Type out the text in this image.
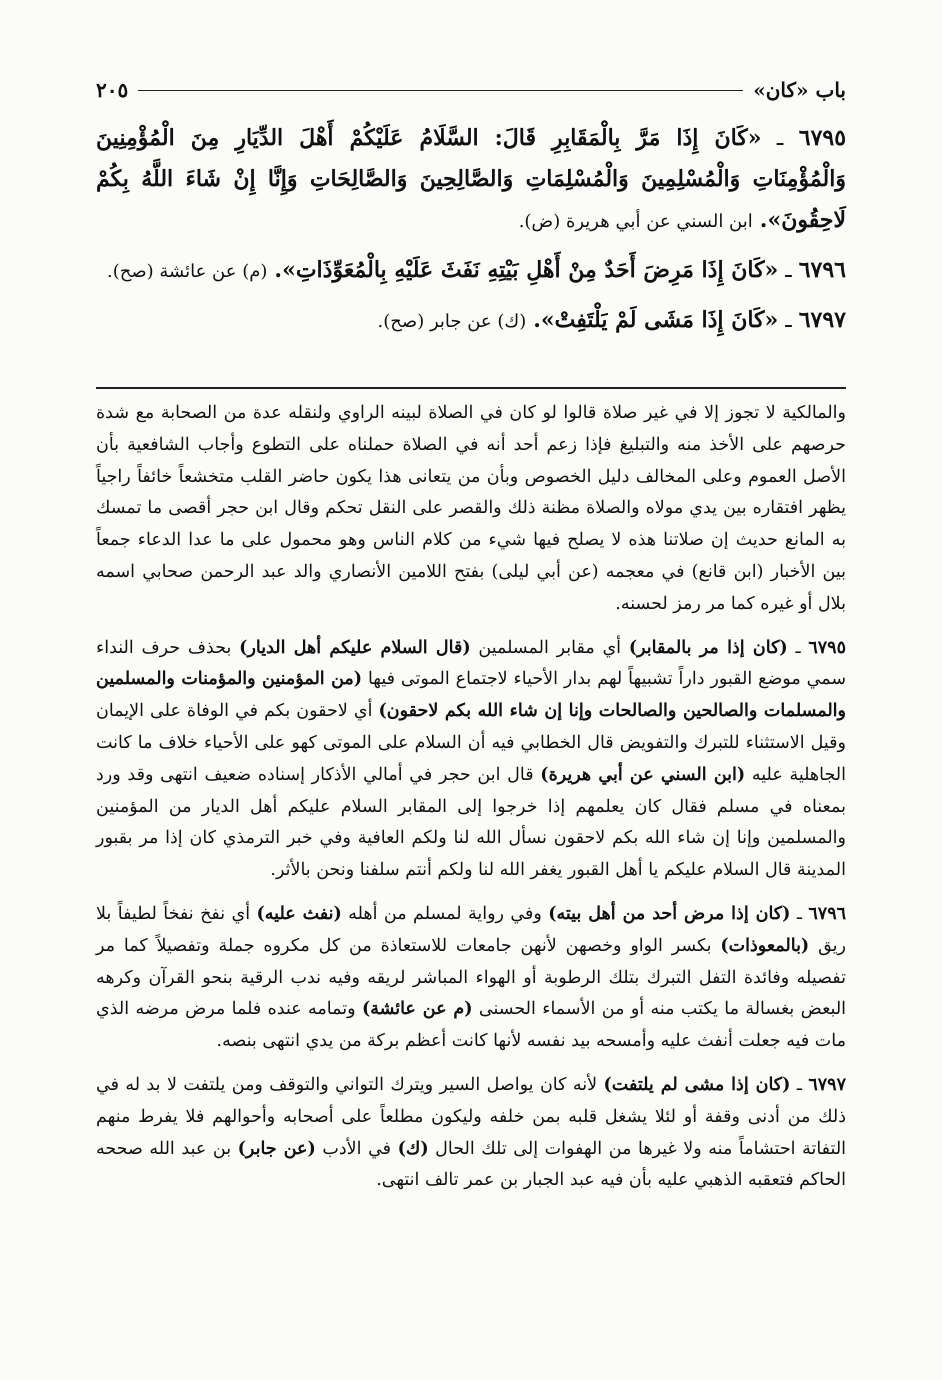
باب «كان»
٢٠٥

٦٧٩٥ ـ «كَانَ إِذَا مَرَّ بِالْمَقَابِرِ قَالَ: السَّلَامُ عَلَيْكُمْ أَهْلَ الدِّيَارِ مِنَ الْمُؤْمِنِينَ وَالْمُؤْمِنَاتِ وَالْمُسْلِمِينَ وَالْمُسْلِمَاتِ وَالصَّالِحِينَ وَالصَّالِحَاتِ وَإِنَّا إِنْ شَاءَ اللَّهُ بِكُمْ لَاحِقُونَ». ابن السني عن أبي هريرة (ض).

٦٧٩٦ ـ «كَانَ إِذَا مَرِضَ أَحَدٌ مِنْ أَهْلِ بَيْتِهِ نَفَثَ عَلَيْهِ بِالْمُعَوِّذَاتِ». (م) عن عائشة (صح).

٦٧٩٧ ـ «كَانَ إِذَا مَشَى لَمْ يَلْتَفِتْ». (ك) عن جابر (صح).

والمالكية لا تجوز إلا في غير صلاة قالوا لو كان في الصلاة لبينه الراوي ولنقله عدة من الصحابة مع شدة حرصهم على الأخذ منه والتبليغ فإذا زعم أحد أنه في الصلاة حملناه على التطوع وأجاب الشافعية بأن الأصل العموم وعلى المخالف دليل الخصوص وبأن من يتعانى هذا يكون حاضر القلب متخشعاً خائفاً راجياً يظهر افتقاره بين يدي مولاه والصلاة مظنة ذلك والقصر على النقل تحكم وقال ابن حجر أقصى ما تمسك به المانع حديث إن صلاتنا هذه لا يصلح فيها شيء من كلام الناس وهو محمول على ما عدا الدعاء جمعاً بين الأخبار (ابن قانع) في معجمه (عن أبي ليلى) بفتح اللامين الأنصاري والد عبد الرحمن صحابي اسمه بلال أو غيره كما مر رمز لحسنه.

٦٧٩٥ ـ (كان إذا مر بالمقابر) أي مقابر المسلمين (قال السلام عليكم أهل الديار) بحذف حرف النداء سمي موضع القبور داراً تشبيهاً لهم بدار الأحياء لاجتماع الموتى فيها (من المؤمنين والمؤمنات والمسلمين والمسلمات والصالحين والصالحات وإنا إن شاء الله بكم لاحقون) أي لاحقون بكم في الوفاة على الإيمان وقيل الاستثناء للتبرك والتفويض قال الخطابي فيه أن السلام على الموتى كهو على الأحياء خلاف ما كانت الجاهلية عليه (ابن السني عن أبي هريرة) قال ابن حجر في أمالي الأذكار إسناده ضعيف انتهى وقد ورد بمعناه في مسلم فقال كان يعلمهم إذا خرجوا إلى المقابر السلام عليكم أهل الديار من المؤمنين والمسلمين وإنا إن شاء الله بكم لاحقون نسأل الله لنا ولكم العافية وفي خبر الترمذي كان إذا مر بقبور المدينة قال السلام عليكم يا أهل القبور يغفر الله لنا ولكم أنتم سلفنا ونحن بالأثر.

٦٧٩٦ ـ (كان إذا مرض أحد من أهل بيته) وفي رواية لمسلم من أهله (نفث عليه) أي نفخ نفخاً لطيفاً بلا ريق (بالمعوذات) بكسر الواو وخصهن لأنهن جامعات للاستعاذة من كل مكروه جملة وتفصيلاً كما مر تفصيله وفائدة التفل التبرك بتلك الرطوبة أو الهواء المباشر لريقه وفيه ندب الرقية بنحو القرآن وكرهه البعض بغسالة ما يكتب منه أو من الأسماء الحسنى (م عن عائشة) وتمامه عنده فلما مرض مرضه الذي مات فيه جعلت أنفث عليه وأمسحه بيد نفسه لأنها كانت أعظم بركة من يدي انتهى بنصه.

٦٧٩٧ ـ (كان إذا مشى لم يلتفت) لأنه كان يواصل السير ويترك التواني والتوقف ومن يلتفت لا بد له في ذلك من أدنى وقفة أو لئلا يشغل قلبه بمن خلفه وليكون مطلعاً على أصحابه وأحوالهم فلا يفرط منهم التفاتة احتشاماً منه ولا غيرها من الهفوات إلى تلك الحال (ك) في الأدب (عن جابر) بن عبد الله صححه الحاكم فتعقبه الذهبي عليه بأن فيه عبد الجبار بن عمر تالف انتهى.
